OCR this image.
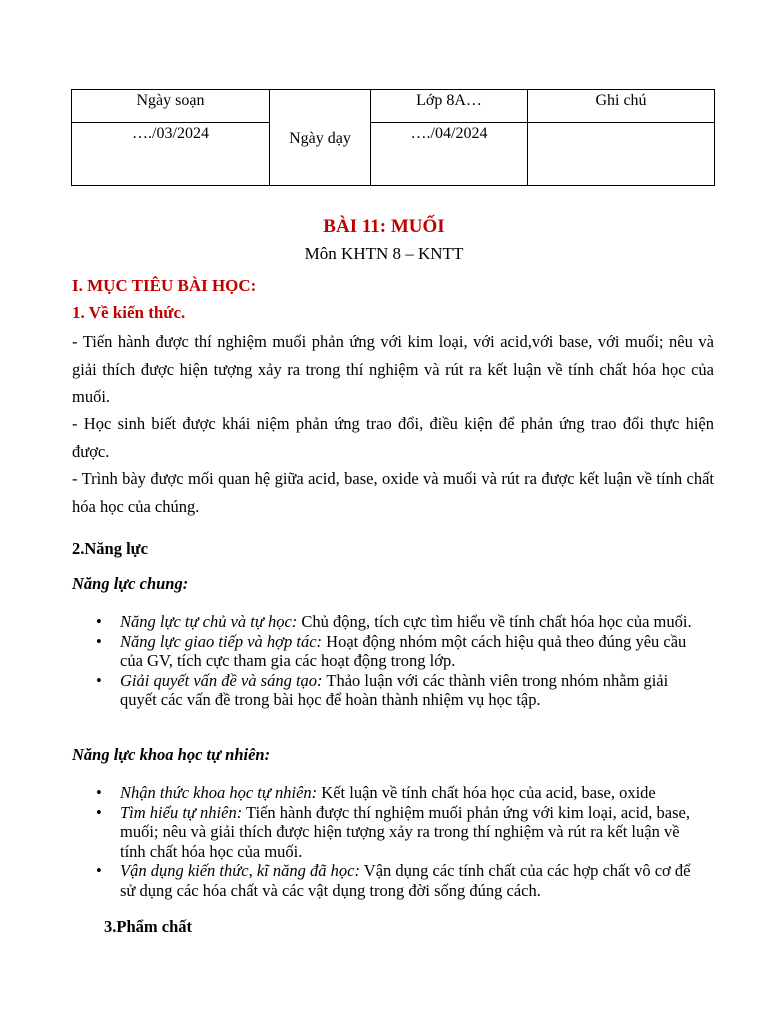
Ngày soạn	Ngày dạy	Lớp 8A…	Ghi chú
…./03/2024		…./04/2024	
BÀI 11: MUỐI
Môn KHTN 8 – KNTT
I. MỤC TIÊU BÀI HỌC:
1. Về kiến thức.
- Tiến hành được thí nghiệm muối phản ứng với kim loại, với acid,với base, với muối; nêu và giải thích được hiện tượng xảy ra trong thí nghiệm và rút ra kết luận về tính chất hóa học của muối.
- Học sinh biết được khái niệm phản ứng trao đổi, điều kiện để phản ứng trao đổi thực hiện được.
- Trình bày được mối quan hệ giữa acid, base, oxide và muối và rút ra được kết luận về tính chất hóa học của chúng.
2.Năng lực
Năng lực chung:
• Năng lực tự chủ và tự học: Chủ động, tích cực tìm hiểu về tính chất hóa học của muối.
• Năng lực giao tiếp và hợp tác: Hoạt động nhóm một cách hiệu quả theo đúng yêu cầu của GV, tích cực tham gia các hoạt động trong lớp.
• Giải quyết vấn đề và sáng tạo: Thảo luận với các thành viên trong nhóm nhằm giải quyết các vấn đề trong bài học để hoàn thành nhiệm vụ học tập.
Năng lực khoa học tự nhiên:
• Nhận thức khoa học tự nhiên: Kết luận về tính chất hóa học của acid, base, oxide
• Tìm hiểu tự nhiên: Tiến hành được thí nghiệm muối phản ứng với kim loại, acid, base, muối; nêu và giải thích được hiện tượng xảy ra trong thí nghiệm và rút ra kết luận về tính chất hóa học của muối.
• Vận dụng kiến thức, kĩ năng đã học: Vận dụng các tính chất của các hợp chất vô cơ để sử dụng các hóa chất và các vật dụng trong đời sống đúng cách.
3.Phẩm chất
